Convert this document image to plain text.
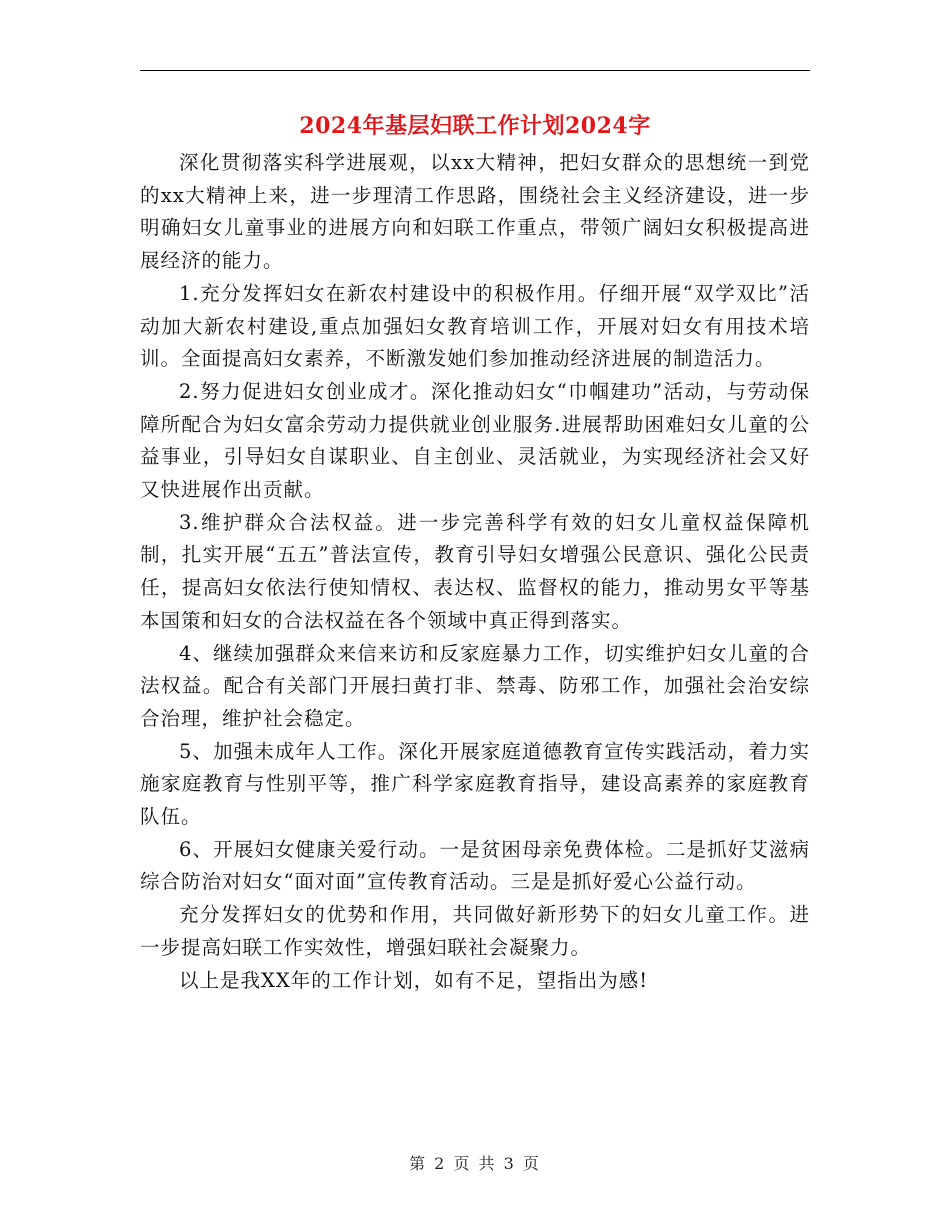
2024年基层妇联工作计划2024字

深化贯彻落实科学进展观，以xx大精神，把妇女群众的思想统一到党的xx大精神上来，进一步理清工作思路，围绕社会主义经济建设，进一步明确妇女儿童事业的进展方向和妇联工作重点，带领广阔妇女积极提高进展经济的能力。

1.充分发挥妇女在新农村建设中的积极作用。仔细开展“双学双比”活动加大新农村建设,重点加强妇女教育培训工作，开展对妇女有用技术培训。全面提高妇女素养，不断激发她们参加推动经济进展的制造活力。

2.努力促进妇女创业成才。深化推动妇女“巾帼建功”活动，与劳动保障所配合为妇女富余劳动力提供就业创业服务.进展帮助困难妇女儿童的公益事业，引导妇女自谋职业、自主创业、灵活就业，为实现经济社会又好又快进展作出贡献。

3.维护群众合法权益。进一步完善科学有效的妇女儿童权益保障机制，扎实开展“五五”普法宣传，教育引导妇女增强公民意识、强化公民责任，提高妇女依法行使知情权、表达权、监督权的能力，推动男女平等基本国策和妇女的合法权益在各个领域中真正得到落实。

4、继续加强群众来信来访和反家庭暴力工作，切实维护妇女儿童的合法权益。配合有关部门开展扫黄打非、禁毒、防邪工作，加强社会治安综合治理，维护社会稳定。

5、加强未成年人工作。深化开展家庭道德教育宣传实践活动，着力实施家庭教育与性别平等，推广科学家庭教育指导，建设高素养的家庭教育队伍。

6、开展妇女健康关爱行动。一是贫困母亲免费体检。二是抓好艾滋病综合防治对妇女“面对面”宣传教育活动。三是是抓好爱心公益行动。

充分发挥妇女的优势和作用，共同做好新形势下的妇女儿童工作。进一步提高妇联工作实效性，增强妇联社会凝聚力。

以上是我XX年的工作计划，如有不足，望指出为感!

第 2 页 共 3 页
